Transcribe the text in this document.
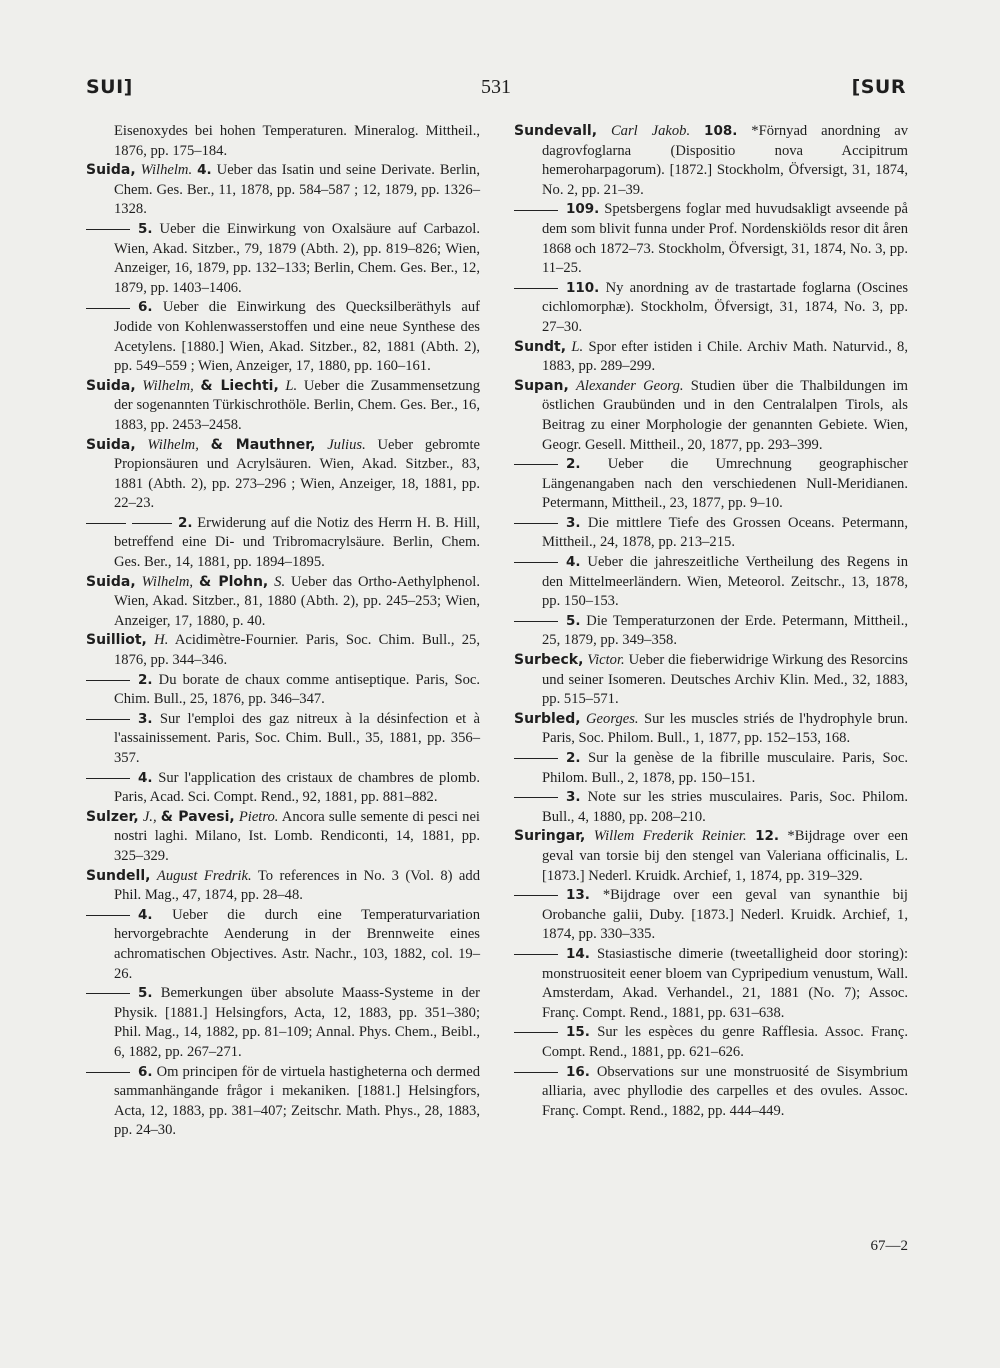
SUI]	531	[SUR

Eisenoxydes bei hohen Temperaturen. Mineralog. Mittheil., 1876, pp. 175–184.

Suida, Wilhelm. 4. Ueber das Isatin und seine Derivate. Berlin, Chem. Ges. Ber., 11, 1878, pp. 584–587 ; 12, 1879, pp. 1326–1328.

5. Ueber die Einwirkung von Oxalsäure auf Carbazol. Wien, Akad. Sitzber., 79, 1879 (Abth. 2), pp. 819–826; Wien, Anzeiger, 16, 1879, pp. 132–133; Berlin, Chem. Ges. Ber., 12, 1879, pp. 1403–1406.

6. Ueber die Einwirkung des Quecksilberäthyls auf Jodide von Kohlenwasserstoffen und eine neue Synthese des Acetylens. [1880.] Wien, Akad. Sitzber., 82, 1881 (Abth. 2), pp. 549–559 ; Wien, Anzeiger, 17, 1880, pp. 160–161.

Suida, Wilhelm, & Liechti, L. Ueber die Zusammensetzung der sogenannten Türkischrothöle. Berlin, Chem. Ges. Ber., 16, 1883, pp. 2453–2458.

Suida, Wilhelm, & Mauthner, Julius. Ueber gebromte Propionsäuren und Acrylsäuren. Wien, Akad. Sitzber., 83, 1881 (Abth. 2), pp. 273–296 ; Wien, Anzeiger, 18, 1881, pp. 22–23.

2. Erwiderung auf die Notiz des Herrn H. B. Hill, betreffend eine Di- und Tribromacrylsäure. Berlin, Chem. Ges. Ber., 14, 1881, pp. 1894–1895.

Suida, Wilhelm, & Plohn, S. Ueber das Ortho-Aethylphenol. Wien, Akad. Sitzber., 81, 1880 (Abth. 2), pp. 245–253; Wien, Anzeiger, 17, 1880, p. 40.

Suilliot, H. Acidimètre-Fournier. Paris, Soc. Chim. Bull., 25, 1876, pp. 344–346.

2. Du borate de chaux comme antiseptique. Paris, Soc. Chim. Bull., 25, 1876, pp. 346–347.

3. Sur l'emploi des gaz nitreux à la désinfection et à l'assainissement. Paris, Soc. Chim. Bull., 35, 1881, pp. 356–357.

4. Sur l'application des cristaux de chambres de plomb. Paris, Acad. Sci. Compt. Rend., 92, 1881, pp. 881–882.

Sulzer, J., & Pavesi, Pietro. Ancora sulle semente di pesci nei nostri laghi. Milano, Ist. Lomb. Rendiconti, 14, 1881, pp. 325–329.

Sundell, August Fredrik. To references in No. 3 (Vol. 8) add Phil. Mag., 47, 1874, pp. 28–48.

4. Ueber die durch eine Temperaturvariation hervorgebrachte Aenderung in der Brennweite eines achromatischen Objectives. Astr. Nachr., 103, 1882, col. 19–26.

5. Bemerkungen über absolute Maass-Systeme in der Physik. [1881.] Helsingfors, Acta, 12, 1883, pp. 351–380; Phil. Mag., 14, 1882, pp. 81–109; Annal. Phys. Chem., Beibl., 6, 1882, pp. 267–271.

6. Om principen för de virtuela hastigheterna och dermed sammanhängande frågor i mekaniken. [1881.] Helsingfors, Acta, 12, 1883, pp. 381–407; Zeitschr. Math. Phys., 28, 1883, pp. 24–30.

Sundevall, Carl Jakob. 108. *Förnyad anordning av dagrovfoglarna (Dispositio nova Accipitrum hemeroharpagorum). [1872.] Stockholm, Öfversigt, 31, 1874, No. 2, pp. 21–39.

109. Spetsbergens foglar med huvudsakligt avseende på dem som blivit funna under Prof. Nordenskiölds resor dit åren 1868 och 1872–73. Stockholm, Öfversigt, 31, 1874, No. 3, pp. 11–25.

110. Ny anordning av de trastartade foglarna (Oscines cichlomorphæ). Stockholm, Öfversigt, 31, 1874, No. 3, pp. 27–30.

Sundt, L. Spor efter istiden i Chile. Archiv Math. Naturvid., 8, 1883, pp. 289–299.

Supan, Alexander Georg. Studien über die Thalbildungen im östlichen Graubünden und in den Centralalpen Tirols, als Beitrag zu einer Morphologie der genannten Gebiete. Wien, Geogr. Gesell. Mittheil., 20, 1877, pp. 293–399.

2. Ueber die Umrechnung geographischer Längenangaben nach den verschiedenen Null-Meridianen. Petermann, Mittheil., 23, 1877, pp. 9–10.

3. Die mittlere Tiefe des Grossen Oceans. Petermann, Mittheil., 24, 1878, pp. 213–215.

4. Ueber die jahreszeitliche Vertheilung des Regens in den Mittelmeerländern. Wien, Meteorol. Zeitschr., 13, 1878, pp. 150–153.

5. Die Temperaturzonen der Erde. Petermann, Mittheil., 25, 1879, pp. 349–358.

Surbeck, Victor. Ueber die fieberwidrige Wirkung des Resorcins und seiner Isomeren. Deutsches Archiv Klin. Med., 32, 1883, pp. 515–571.

Surbled, Georges. Sur les muscles striés de l'hydrophyle brun. Paris, Soc. Philom. Bull., 1, 1877, pp. 152–153, 168.

2. Sur la genèse de la fibrille musculaire. Paris, Soc. Philom. Bull., 2, 1878, pp. 150–151.

3. Note sur les stries musculaires. Paris, Soc. Philom. Bull., 4, 1880, pp. 208–210.

Suringar, Willem Frederik Reinier. 12. *Bijdrage over een geval van torsie bij den stengel van Valeriana officinalis, L. [1873.] Nederl. Kruidk. Archief, 1, 1874, pp. 319–329.

13. *Bijdrage over een geval van synanthie bij Orobanche galii, Duby. [1873.] Nederl. Kruidk. Archief, 1, 1874, pp. 330–335.

14. Stasiastische dimerie (tweetalligheid door storing): monstruositeit eener bloem van Cypripedium venustum, Wall. Amsterdam, Akad. Verhandel., 21, 1881 (No. 7); Assoc. Franç. Compt. Rend., 1881, pp. 631–638.

15. Sur les espèces du genre Rafflesia. Assoc. Franç. Compt. Rend., 1881, pp. 621–626.

16. Observations sur une monstruosité de Sisymbrium alliaria, avec phyllodie des carpelles et des ovules. Assoc. Franç. Compt. Rend., 1882, pp. 444–449.

67—2
